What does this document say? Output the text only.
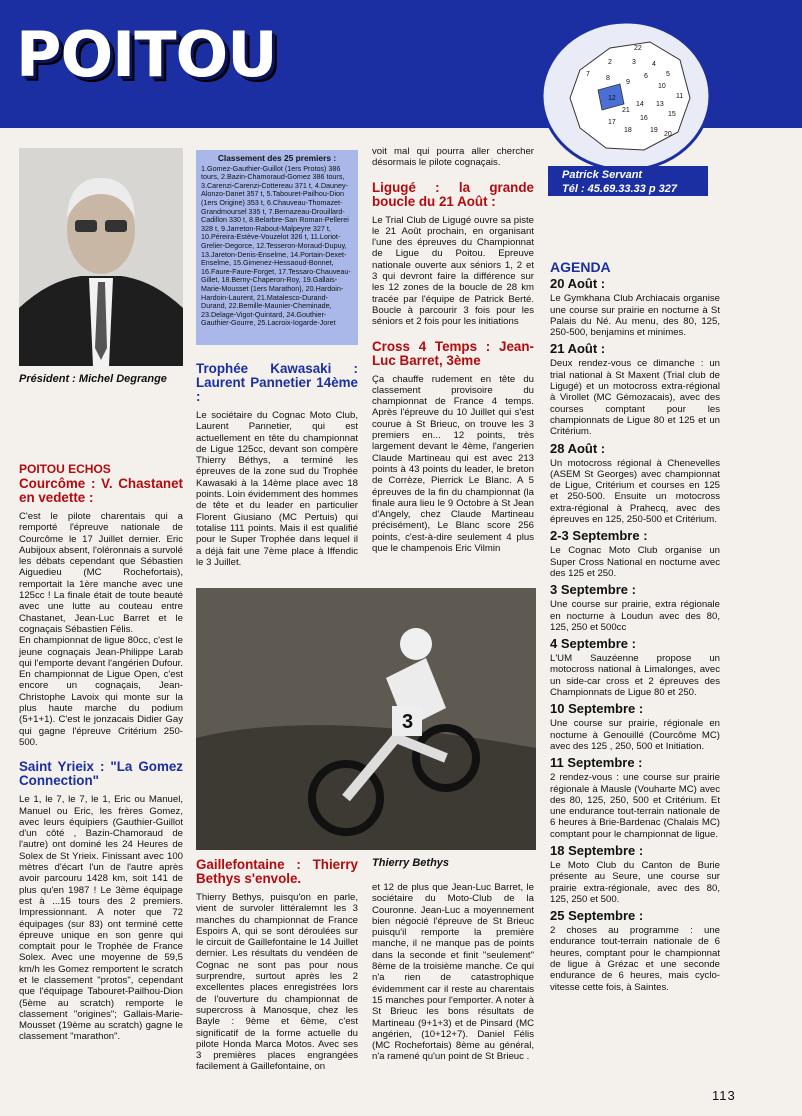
POITOU	22
2	3 4
5
6
7
8
9
10
11
12
13
14
15
16
17
18	19
20
21
Patrick Servant
Tél : 45.69.33.33 p 327
Président : Michel Degrange
POITOU ECHOS
Courcôme : V. Chastanet en vedette :

C'est le pilote charentais qui a remporté l'épreuve nationale de Courcôme le 17 Juillet dernier. Eric Aubijoux absent, l'oléronnais a survolé les débats cependant que Sébastien Aiguedieu (MC Rochefortais), remportait la 1ère manche avec une 125cc ! La finale était de toute beauté avec une lutte au couteau entre Chastanet, Jean-Luc Barret et le cognaçais Sébastien Félis.

En championnat de ligue 80cc, c'est le jeune cognaçais Jean-Philippe Larab qui l'emporte devant l'angérien Dufour. En championnat de Ligue Open, c'est encore un cognaçais, Jean-Christophe Lavoix qui monte sur la plus haute marche du podium (5+1+1). C'est le jonzacais Didier Gay qui gagne l'épreuve Critérium 250-500.

Saint Yrieix : "La Gomez Connection"

Le 1, le 7, le 7, le 1, Eric ou Manuel, Manuel ou Eric, les frères Gomez, avec leurs équipiers (Gauthier-Guillot d'un côté , Bazin-Chamoraud de l'autre) ont dominé les 24 Heures de Solex de St Yrieix. Finissant avec 100 mètres d'écart l'un de l'autre après avoir parcouru 1428 km, soit 141 de plus qu'en 1987 ! Le 3ème équipage est à ...15 tours des 2 premiers. Impressionnant. A noter que 72 équipages (sur 83) ont terminé cette épreuve unique en son genre qui comptait pour le Trophée de France Solex. Avec une moyenne de 59,5 km/h les Gomez remportent le scratch et le classement "protos", cependant que l'équipage Tabouret-Pailhou-Dion (5ème au scratch) remporte le classement "origines"; Gallais-Marie-Mousset (19ème au scratch) gagne le classement "marathon".

Classement des 25 premiers :
1.Gomez-Gauthier-Guillot (1ers Protos) 386 tours, 2.Bazin-Chamoraud-Gomez 386 tours, 3.Carenzi-Carenzi-Cottereau 371 t, 4.Dauney-Alonzo-Danet 357 t, 5.Tabouret-Pailhou-Dion (1ers Origine) 353 t, 6.Chauveau-Thomazet-Grandmoursel 335 t, 7.Bernazeau-Drouillard-Cadillon 330 t, 8.Belarbre-San Roman-Pellerei 328 t, 9.Jarreton-Rabout-Malpeyre 327 t, 10.Péreira-Estève-Vouzelot 326 t, 11.Loriot-Grelier-Degorce, 12.Tesseron-Moraud-Dupuy, 13.Jareton-Denis-Enselme, 14.Portain-Dexet-Enselme, 15.Gimenez-Hessaoud-Bonnet, 16.Faure-Faure-Forget, 17.Tessaro-Chauveau-Gillet, 18.Berny-Chaperon-Roy, 19.Gallais-Marie-Mousset (1ers Marathon), 20.Hardoin-Hardoin-Laurent, 21.Matalesco-Durand-Durand, 22.Bemille-Maunier-Cheminade, 23.Delage-Vigot-Quintard, 24.Gouthier-Gauthier-Gourre, 25.Lacroix-Iogarde-Joret
Trophée Kawasaki : Laurent Pannetier 14ème :

Le sociétaire du Cognac Moto Club, Laurent Pannetier, qui est actuellement en tête du championnat de Ligue 125cc, devant son compère Thierry Béthys, a terminé les épreuves de la zone sud du Trophée Kawasaki à la 14ème place avec 18 points. Loin évidemment des hommes de tête et du leader en particulier Florent Giusiano (MC Pertuis) qui totalise 111 points. Mais il est qualifié pour le Super Trophée dans lequel il a déjà fait une 7ème place à Iffendic le 3 Juillet.

voit mal qui pourra aller chercher désormais le pilote cognaçais.

Ligugé : la grande boucle du 21 Août :

Le Trial Club de Ligugé ouvre sa piste le 21 Août prochain, en organisant l'une des épreuves du Championnat de Ligue du Poitou. Epreuve nationale ouverte aux séniors 1, 2 et 3 qui devront faire la différence sur les 12 zones de la boucle de 28 km tracée par l'équipe de Patrick Berté. Boucle à parcourir 3 fois pour les séniors et 2 fois pour les initiations

Cross 4 Temps : Jean-Luc Barret, 3ème

Ça chauffe rudement en tête du classement provisoire du championnat de France 4 temps. Après l'épreuve du 10 Juillet qui s'est courue à St Brieuc, on trouve les 3 premiers en... 12 points, très largement devant le 4ème, l'angerien Claude Martineau qui est avec 213 points à 43 points du leader, le breton de Corrèze, Pierrick Le Blanc. A 5 épreuves de la fin du championnat (la finale aura lieu le 9 Octobre à St Jean d'Angely, chez Claude Martineau précisément), Le Blanc score 256 points, c'est-à-dire seulement 4 plus que le champenois Eric Vilmin

3
Thierry Bethys
Gaillefontaine : Thierry Bethys s'envole.

Thierry Bethys, puisqu'on en parle, vient de survoler littéralemnt les 3 manches du championnat de France Espoirs A, qui se sont déroulées sur le circuit de Gaillefontaine le 14 Juillet dernier. Les résultats du vendéen de Cognac ne sont pas pour nous surprendre, surtout après les 2 excellentes places enregistrées lors de l'ouverture du championnat de supercross à Manosque, chez les Bayle : 9ème et 6ème, c'est significatif de la forme actuelle du pilote Honda Marca Motos. Avec ses 3 premières places engrangées facilement à Gaillefontaine, on

et 12 de plus que Jean-Luc Barret, le sociétaire du Moto-Club de la Couronne. Jean-Luc a moyennement bien négocié l'épreuve de St Brieuc puisqu'il remporte la première manche, il ne manque pas de points dans la seconde et finit "seulement" 8ème de la troisième manche. Ce qui n'a rien de catastrophique évidemment car il reste au charentais 15 manches pour l'emporter. A noter à St Brieuc les bons résultats de Martineau (9+1+3) et de Pinsard (MC angérien, (10+12+7). Daniel Félis (MC Rochefortais) 8ème au général, n'a ramené qu'un point de St Brieuc .

AGENDA
20 Août :

Le Gymkhana Club Archiacais organise une course sur prairie en nocturne à St Palais du Né. Au menu, des 80, 125, 250-500, benjamins et minimes.

21 Août :

Deux rendez-vous ce dimanche : un trial national à St Maxent (Trial club de Ligugé) et un motocross extra-régional à Virollet (MC Gémozacais), avec des courses comptant pour les championnats de Ligue 80 et 125 et un Critérium.

28 Août :

Un motocross régional à Chenevelles (ASEM St Georges) avec championnat de Ligue, Critérium et courses en 125 et 250-500. Ensuite un motocross extra-régional à Prahecq, avec des épreuves en 125, 250-500 et Critérium.

2-3 Septembre :

Le Cognac Moto Club organise un Super Cross National en nocturne avec des 125 et 250.

3 Septembre :

Une course sur prairie, extra régionale en nocturne à Loudun avec des 80, 125, 250 et 500cc

4 Septembre :

L'UM Sauzéenne propose un motocross national à Limalonges, avec un side-car cross et 2 épreuves des Championnats de Ligue 80 et 250.

10 Septembre :

Une course sur prairie, régionale en nocturne à Genouillé (Courcôme MC) avec des 125 , 250, 500 et Initiation.

11 Septembre :

2 rendez-vous : une course sur prairie régionale à Mausle (Vouharte MC) avec des 80, 125, 250, 500 et Critérium. Et une endurance tout-terrain nationale de 6 heures à Brie-Bardenac (Chalais MC) comptant pour le championnat de ligue.

18 Septembre :

Le Moto Club du Canton de Burie présente au Seure, une course sur prairie extra-régionale, avec des 80, 125, 250 et 500.

25 Septembre :

2 choses au programme : une endurance tout-terrain nationale de 6 heures, comptant pour le championnat de ligue à Grézac et une seconde endurance de 6 heures, mais cyclo-vitesse cette fois, à Saintes.

113
